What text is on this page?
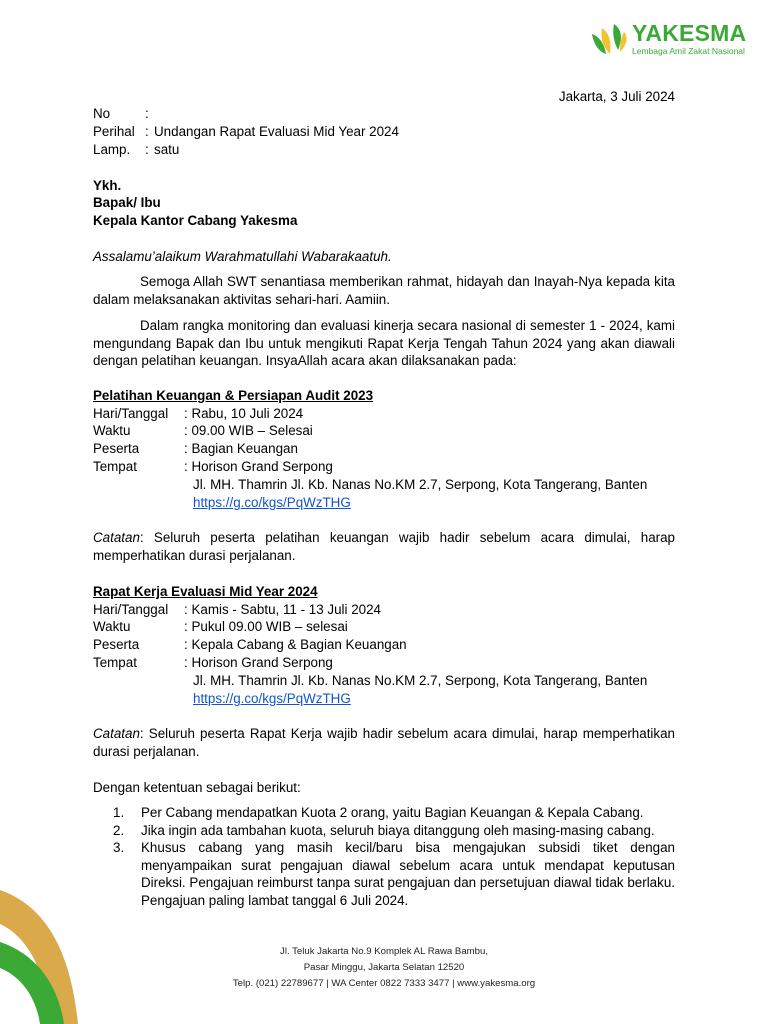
YAKESMA
Lembaga Amil Zakat Nasional
Jakarta, 3 Juli 2024
No	:
Perihal : Undangan Rapat Evaluasi Mid Year 2024
Lamp. : satu
Ykh.
Bapak/ Ibu
Kepala Kantor Cabang Yakesma
Assalamu’alaikum Warahmatullahi Wabarakaatuh.
Semoga Allah SWT senantiasa memberikan rahmat, hidayah dan Inayah-Nya kepada kita dalam melaksanakan aktivitas sehari-hari. Aamiin.
Dalam rangka monitoring dan evaluasi kinerja secara nasional di semester 1 - 2024, kami mengundang Bapak dan Ibu untuk mengikuti Rapat Kerja Tengah Tahun 2024 yang akan diawali dengan pelatihan keuangan. InsyaAllah acara akan dilaksanakan pada:
Pelatihan Keuangan & Persiapan Audit 2023
Hari/Tanggal : Rabu, 10 Juli 2024
Waktu	: 09.00 WIB – Selesai
Peserta	: Bagian Keuangan
Tempat	: Horison Grand Serpong
Jl. MH. Thamrin Jl. Kb. Nanas No.KM 2.7, Serpong, Kota Tangerang, Banten
https://g.co/kgs/PqWzTHG
Catatan: Seluruh peserta pelatihan keuangan wajib hadir sebelum acara dimulai, harap memperhatikan durasi perjalanan.
Rapat Kerja Evaluasi Mid Year 2024
Hari/Tanggal : Kamis - Sabtu, 11 - 13 Juli 2024
Waktu	: Pukul 09.00 WIB – selesai
Peserta	: Kepala Cabang & Bagian Keuangan
Tempat	: Horison Grand Serpong
Jl. MH. Thamrin Jl. Kb. Nanas No.KM 2.7, Serpong, Kota Tangerang, Banten
https://g.co/kgs/PqWzTHG
Catatan: Seluruh peserta Rapat Kerja wajib hadir sebelum acara dimulai, harap memperhatikan durasi perjalanan.
Dengan ketentuan sebagai berikut:
1. Per Cabang mendapatkan Kuota 2 orang, yaitu Bagian Keuangan & Kepala Cabang.
2. Jika ingin ada tambahan kuota, seluruh biaya ditanggung oleh masing-masing cabang.
3. Khusus cabang yang masih kecil/baru bisa mengajukan subsidi tiket dengan menyampaikan surat pengajuan diawal sebelum acara untuk mendapat keputusan Direksi. Pengajuan reimburst tanpa surat pengajuan dan persetujuan diawal tidak berlaku. Pengajuan paling lambat tanggal 6 Juli 2024.
Jl. Teluk Jakarta No.9 Komplek AL Rawa Bambu,
Pasar Minggu, Jakarta Selatan 12520
Telp. (021) 22789677 | WA Center 0822 7333 3477 | www.yakesma.org
